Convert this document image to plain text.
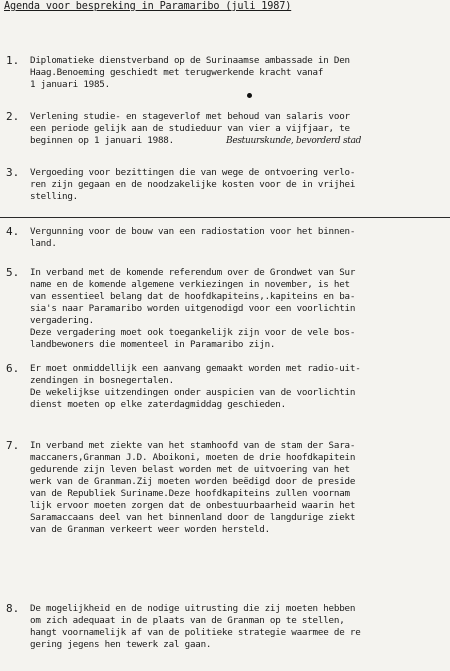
Agenda voor bespreking in Paramaribo (juli 1987)
1. Diplomatieke dienstverband op de Surinaamse ambassade in Den
Haag.Benoeming geschiedt met terugwerkende kracht vanaf
1 januari 1985.
2. Verlening studie- en stageverlof met behoud van salaris voor
een periode gelijk aan de studieduur van vier a vijfjaar, te
beginnen op 1 januari 1988.	Bestuurskunde, bevorderd stad
3. Vergoeding voor bezittingen die van wege de ontvoering verlo-
ren zijn gegaan en de noodzakelijke kosten voor de in vrijhei
stelling.
4. Vergunning voor de bouw van een radiostation voor het binnen-
land.
5. In verband met de komende referendum over de Grondwet van Sur
name en de komende algemene verkiezingen in november, is het
van essentieel belang dat de hoofdkapiteins,.kapiteins en ba-
sia's naar Paramaribo worden uitgenodigd voor een voorlichtin
vergadering.
Deze vergadering moet ook toegankelijk zijn voor de vele bos-
landbewoners die momenteel in Paramaribo zijn.
6. Er moet onmiddellijk een aanvang gemaakt worden met radio-uit-
zendingen in bosnegertalen.
De wekelijkse uitzendingen onder auspicien van de voorlichtin
dienst moeten op elke zaterdagmiddag geschieden.
7. In verband met ziekte van het stamhoofd van de stam der Sara-
maccaners,Granman J.D. Aboikoni, moeten de drie hoofdkapitein
gedurende zijn leven belast worden met de uitvoering van het
werk van de Granman.Zij moeten worden beëdigd door de preside
van de Republiek Suriname.Deze hoofdkapiteins zullen voornam
lijk ervoor moeten zorgen dat de onbestuurbaarheid waarin het
Saramaccaans deel van het binnenland door de langdurige ziekt
van de Granman verkeert weer worden hersteld.
8. De mogelijkheid en de nodige uitrusting die zij moeten hebben
om zich adequaat in de plaats van de Granman op te stellen,
hangt voornamelijk af van de politieke strategie waarmee de re
gering jegens hen tewerk zal gaan.
